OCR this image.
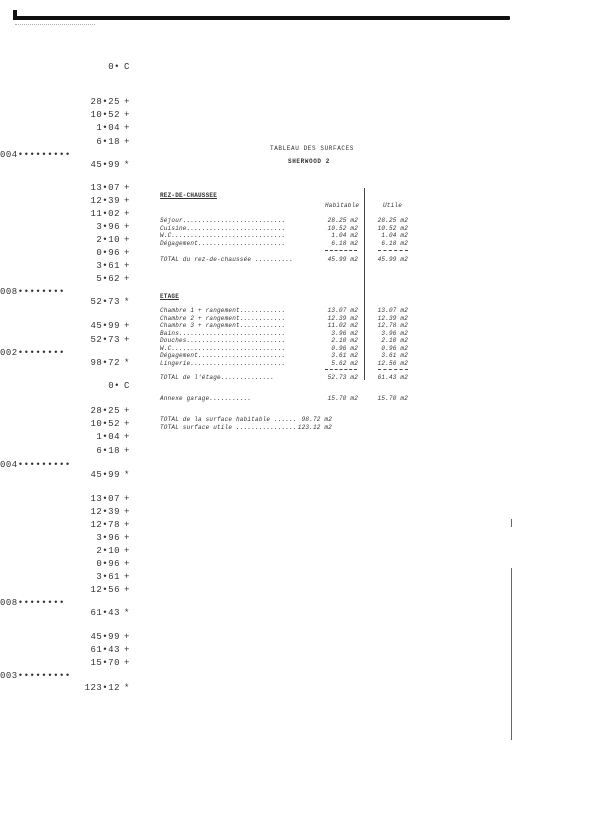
0• C
28•25 +
10•52 +
1•04 +
6•18 +
004•••••••••
45•99 *
13•07 +
12•39 +
11•02 +
3•96 +
2•10 +
0•96 +
3•61 +
5•62 +
008••••••••
52•73 *
45•99 +
52•73 +
002••••••••
98•72 *
0• C
28•25 +
10•52 +
1•04 +
6•18 +
004•••••••••
45•99 *
13•07 +
12•39 +
12•78 +
3•96 +
2•10 +
0•96 +
3•61 +
12•56 +
008••••••••
61•43 *
45•99 +
61•43 +
15•70 +
003•••••••••
123•12 *
TABLEAU DES SURFACES
SHERWOOD 2
REZ-DE-CHAUSSEE
Habitable	Utile
Séjour...........................	28.25 m2	28.25 m2
Cuisine..........................	10.52 m2	10.52 m2
W.C..............................	1.04 m2	1.04 m2
Dégagement.......................	6.18 m2	6.18 m2
TOTAL du rez-de-chaussée ..........	45.99 m2	45.99 m2
ETAGE
Chambre 1 + rangement............	13.07 m2	13.07 m2
Chambre 2 + rangement............	12.39 m2	12.39 m2
Chambre 3 + rangement............	11.02 m2	12.78 m2
Bains............................	3.96 m2	3.96 m2
Douches..........................	2.10 m2	2.10 m2
W.C..............................	0.96 m2	0.96 m2
Dégagement.......................	3.61 m2	3.61 m2
Lingerie.........................	5.62 m2	12.56 m2
TOTAL de l'étage..............	52.73 m2	61.43 m2
Annexe garage...........	15.70 m2	15.70 m2
TOTAL de la surface habitable ...... 98.72 m2
TOTAL surface utile ................ 123.12 m2
